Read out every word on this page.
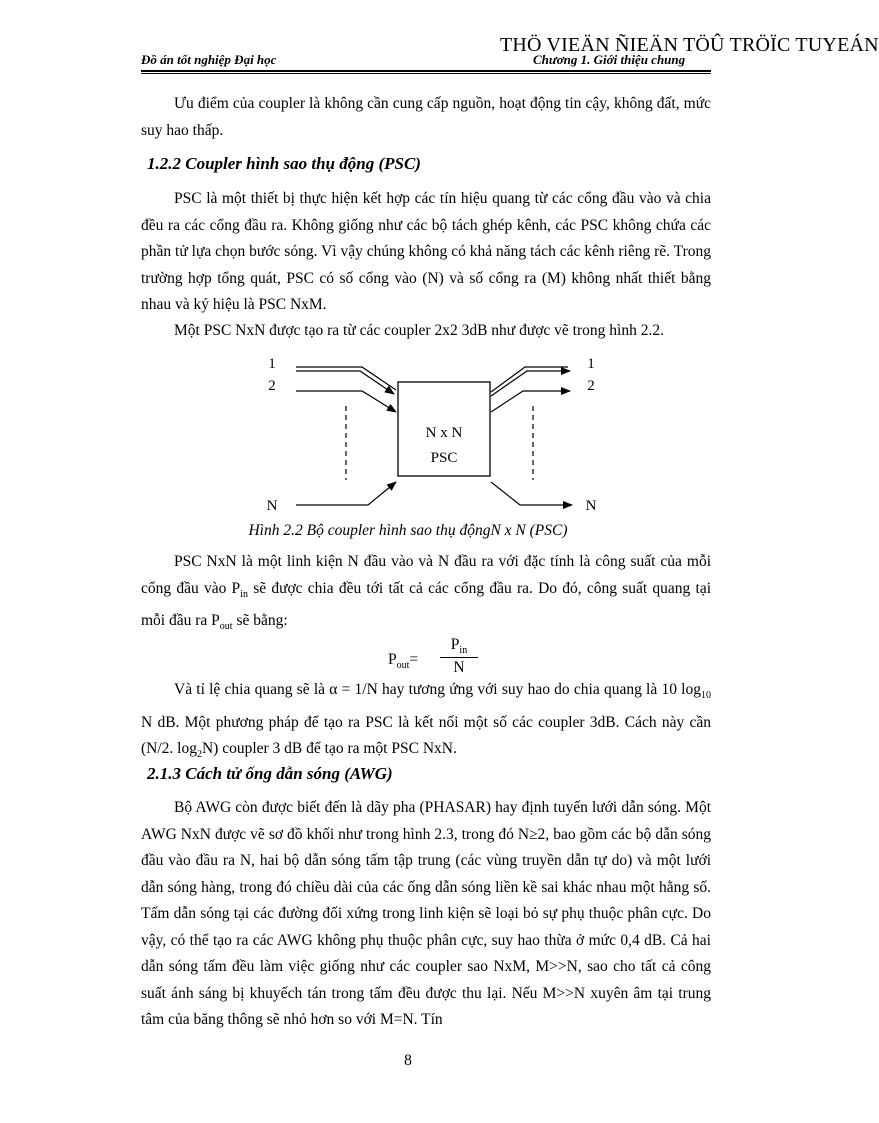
THÖ VIEÄN ÑIEÄN TÖÛ TRÖÏC TUYEÁN
Đồ án tốt nghiệp Đại học	Chương 1. Giới thiệu chung

Ưu điểm của coupler là không cần cung cấp nguồn, hoạt động tin cậy, không đất, mức suy hao thấp.

1.2.2 Coupler hình sao thụ động (PSC)

PSC là một thiết bị thực hiện kết hợp các tín hiệu quang từ các cổng đầu vào và chia đều ra các cổng đầu ra. Không giống như các bộ tách ghép kênh, các PSC không chứa các phần tử lựa chọn bước sóng. Vì vậy chúng không có khả năng tách các kênh riêng rẽ. Trong trường hợp tổng quát, PSC có số cổng vào (N) và số cổng ra (M) không nhất thiết bằng nhau và ký hiệu là PSC NxM.

Một PSC NxN được tạo ra từ các coupler 2x2 3dB như được vẽ trong hình 2.2.

N x N
PSC
1
2
N
1
2
N
Hình 2.2 Bộ coupler hình sao thụ độngN x N (PSC)

PSC NxN là một linh kiện N đầu vào và N đầu ra với đặc tính là công suất của mỗi cổng đầu vào $P_{in}$ sẽ được chia đều tới tất cả các cổng đầu ra. Do đó, công suất quang tại mỗi đầu ra $P_{out}$ sẽ bằng:

$P_{out}=$
$P_{in}$
N

Và tỉ lệ chia quang sẽ là α = 1/N hay tương ứng với suy hao do chia quang là 10 $\log_{10} N$ dB. Một phương pháp để tạo ra PSC là kết nối một số các coupler 3dB. Cách này cần (N/2. $\log_2N$) coupler 3 dB để tạo ra một PSC NxN.

2.1.3 Cách tử ống dẫn sóng (AWG)

Bộ AWG còn được biết đến là dãy pha (PHASAR) hay định tuyến lưới dẫn sóng. Một AWG NxN được vẽ sơ đồ khối như trong hình 2.3, trong đó N≥2, bao gồm các bộ dẫn sóng đầu vào đầu ra N, hai bộ dẫn sóng tấm tập trung (các vùng truyền dẫn tự do) và một lưới dẫn sóng hàng, trong đó chiều dài của các ống dẫn sóng liền kề sai khác nhau một hằng số. Tấm dẫn sóng tại các đường đối xứng trong linh kiện sẽ loại bỏ sự phụ thuộc phân cực. Do vậy, có thể tạo ra các AWG không phụ thuộc phân cực, suy hao thừa ở mức 0,4 dB. Cả hai dẫn sóng tấm đều làm việc giống như các coupler sao NxM, M>>N, sao cho tất cả công suất ánh sáng bị khuyếch tán trong tấm đều được thu lại. Nếu M>>N xuyên âm tại trung tâm của băng thông sẽ nhỏ hơn so với M=N. Tín

8
